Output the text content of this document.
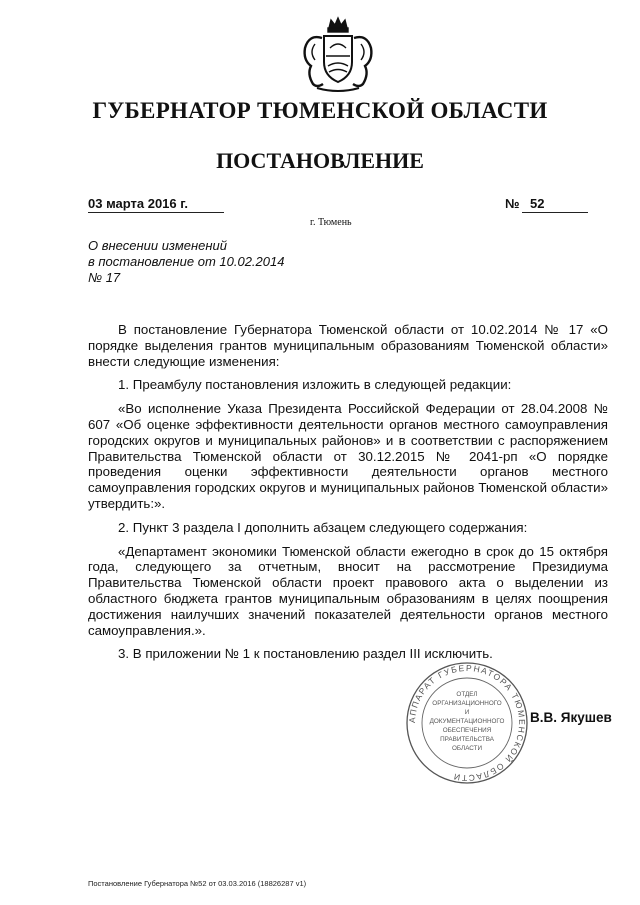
ГУБЕРНАТОР ТЮМЕНСКОЙ ОБЛАСТИ
ПОСТАНОВЛЕНИЕ
03 марта 2016 г.
г. Тюмень
№ 52
О внесении изменений
в постановление от 10.02.2014
№ 17

В постановление Губернатора Тюменской области от 10.02.2014 № 17 «О порядке выделения грантов муниципальным образованиям Тюменской области» внести следующие изменения:

1. Преамбулу постановления изложить в следующей редакции:

«Во исполнение Указа Президента Российской Федерации от 28.04.2008 № 607 «Об оценке эффективности деятельности органов местного самоуправления городских округов и муниципальных районов» и в соответствии с распоряжением Правительства Тюменской области от 30.12.2015 № 2041-рп «О порядке проведения оценки эффективности деятельности органов местного самоуправления городских округов и муниципальных районов Тюменской области» утвердить:».

2. Пункт 3 раздела I дополнить абзацем следующего содержания:

«Департамент экономики Тюменской области ежегодно в срок до 15 октября года, следующего за отчетным, вносит на рассмотрение Президиума Правительства Тюменской области проект правового акта о выделении из областного бюджета грантов муниципальным образованиям в целях поощрения достижения наилучших значений показателей деятельности органов местного самоуправления.».

3. В приложении № 1 к постановлению раздел III исключить.

АППАРАТ ГУБЕРНАТОРА ТЮМЕНСКОЙ ОБЛАСТИ
ОТДЕЛ
ОРГАНИЗАЦИОННОГО
И
ДОКУМЕНТАЦИОННОГО
ОБЕСПЕЧЕНИЯ
ПРАВИТЕЛЬСТВА
ОБЛАСТИ
В.В. Якушев
Постановление Губернатора №52 от 03.03.2016 (18826287 v1)
